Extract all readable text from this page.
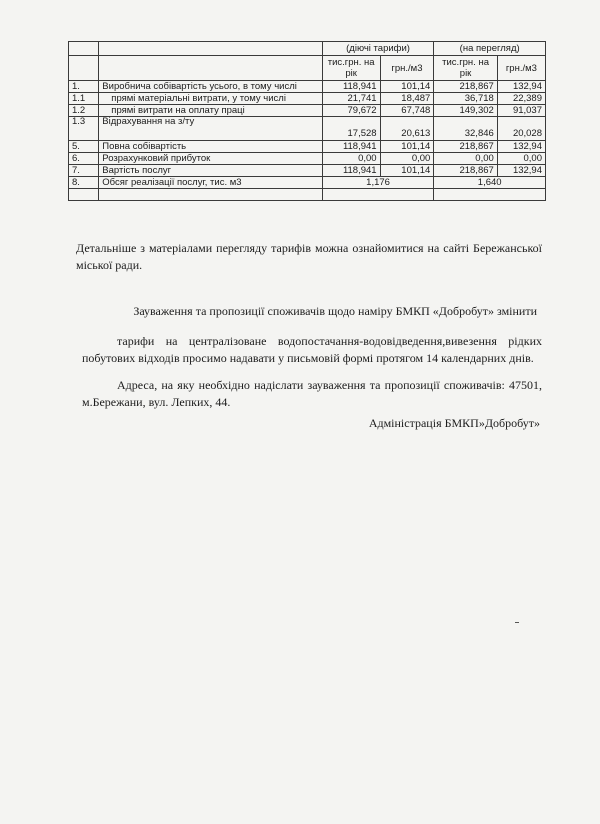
		(діючі тарифи)		(на перегляд)	
		тис.грн. на рік	грн./м3	тис.грн. на рік	грн./м3
1.	Виробнича собівартість усього, в тому числі	118,941	101,14	218,867	132,94
1.1	прямі матеріальні витрати, у тому числі	21,741	18,487	36,718	22,389
1.2	прямі витрати на оплату праці	79,672	67,748	149,302	91,037
1.3	Відрахування на з/ту	17,528	20,613	32,846	20,028
5.	Повна собівартість	118,941	101,14	218,867	132,94
6.	Розрахунковий прибуток	0,00	0,00	0,00	0,00
7.	Вартість послуг	118,941	101,14	218,867	132,94
8.	Обсяг реалізації послуг, тис. м3	1,176		1,640	

Детальніше з матеріалами перегляду тарифів можна ознайомитися на сайті Бережанської міської ради.
Зауваження та пропозиції споживачів щодо наміру БМКП «Добробут» змінити
тарифи на централізоване водопостачання-водовідведення,вивезення рідких побутових відходів просимо надавати у письмовій формі протягом 14 календарних днів.
Адреса, на яку необхідно надіслати зауваження та пропозиції споживачів: 47501, м.Бережани, вул. Лепких, 44.
Адміністрація БМКП»Добробут»
